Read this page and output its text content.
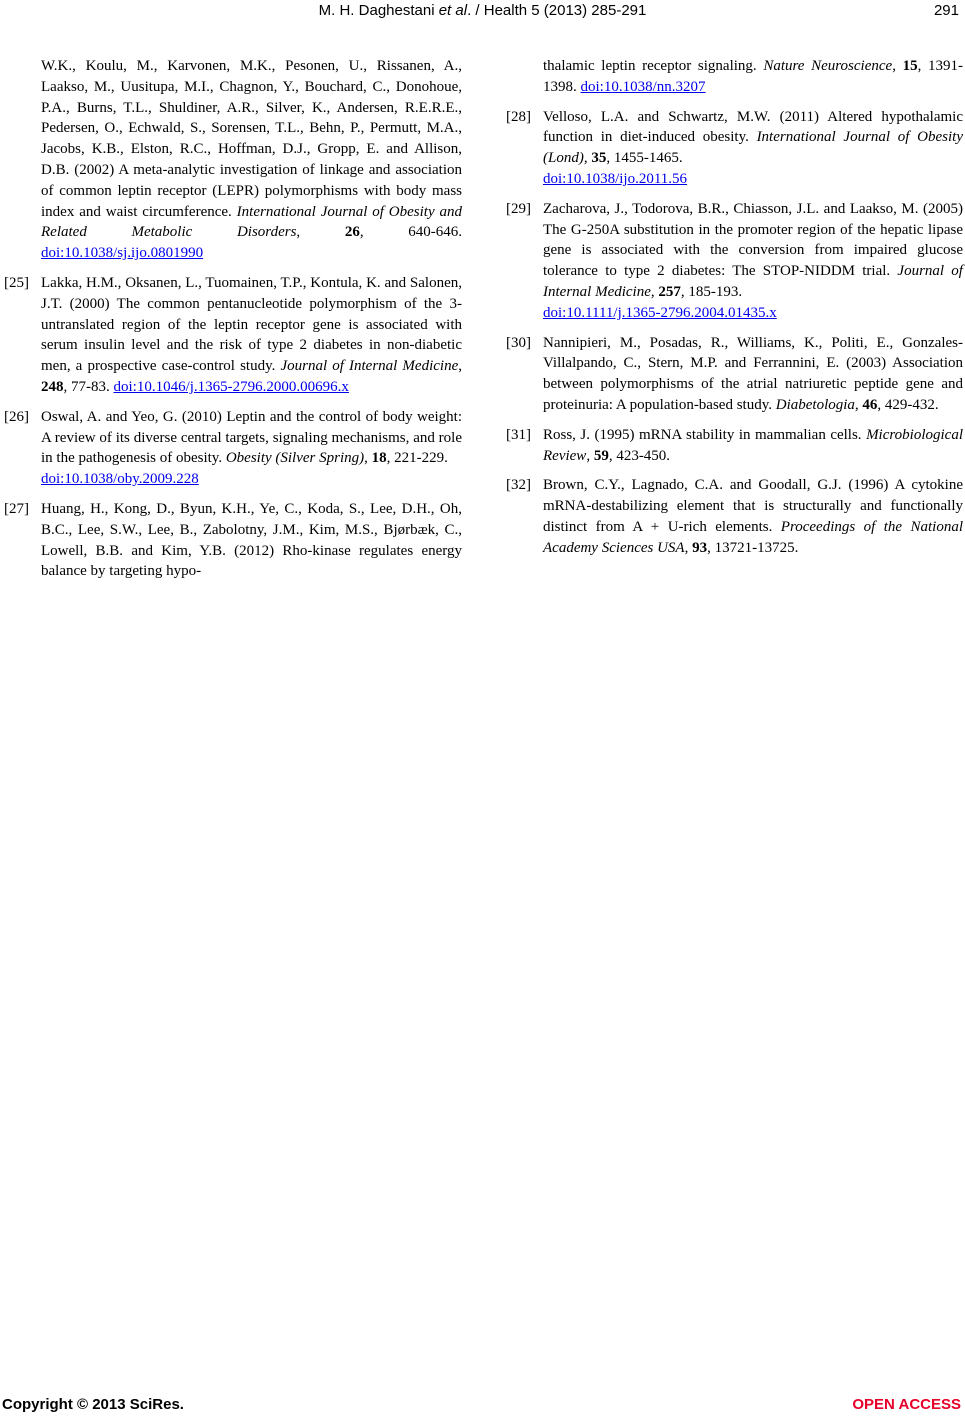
M. H. Daghestani et al. / Health 5 (2013) 285-291	291
W.K., Koulu, M., Karvonen, M.K., Pesonen, U., Rissanen, A., Laakso, M., Uusitupa, M.I., Chagnon, Y., Bouchard, C., Donohoue, P.A., Burns, T.L., Shuldiner, A.R., Silver, K., Andersen, R.E.R.E., Pedersen, O., Echwald, S., Sorensen, T.L., Behn, P., Permutt, M.A., Jacobs, K.B., Elston, R.C., Hoffman, D.J., Gropp, E. and Allison, D.B. (2002) A meta-analytic investigation of linkage and association of common leptin receptor (LEPR) polymorphisms with body mass index and waist circumference. International Journal of Obesity and Related Metabolic Disorders, 26, 640-646. doi:10.1038/sj.ijo.0801990
[25] Lakka, H.M., Oksanen, L., Tuomainen, T.P., Kontula, K. and Salonen, J.T. (2000) The common pentanucleotide polymorphism of the 3-untranslated region of the leptin receptor gene is associated with serum insulin level and the risk of type 2 diabetes in non-diabetic men, a prospective case-control study. Journal of Internal Medicine, 248, 77-83. doi:10.1046/j.1365-2796.2000.00696.x
[26] Oswal, A. and Yeo, G. (2010) Leptin and the control of body weight: A review of its diverse central targets, signaling mechanisms, and role in the pathogenesis of obesity. Obesity (Silver Spring), 18, 221-229.
doi:10.1038/oby.2009.228
[27] Huang, H., Kong, D., Byun, K.H., Ye, C., Koda, S., Lee, D.H., Oh, B.C., Lee, S.W., Lee, B., Zabolotny, J.M., Kim, M.S., Bjørbæk, C., Lowell, B.B. and Kim, Y.B. (2012) Rho-kinase regulates energy balance by targeting hypo-
thalamic leptin receptor signaling. Nature Neuroscience, 15, 1391-1398. doi:10.1038/nn.3207
[28] Velloso, L.A. and Schwartz, M.W. (2011) Altered hypothalamic function in diet-induced obesity. International Journal of Obesity (Lond), 35, 1455-1465.
doi:10.1038/ijo.2011.56
[29] Zacharova, J., Todorova, B.R., Chiasson, J.L. and Laakso, M. (2005) The G-250A substitution in the promoter region of the hepatic lipase gene is associated with the conversion from impaired glucose tolerance to type 2 diabetes: The STOP-NIDDM trial. Journal of Internal Medicine, 257, 185-193.
doi:10.1111/j.1365-2796.2004.01435.x
[30] Nannipieri, M., Posadas, R., Williams, K., Politi, E., Gonzales-Villalpando, C., Stern, M.P. and Ferrannini, E. (2003) Association between polymorphisms of the atrial natriuretic peptide gene and proteinuria: A population-based study. Diabetologia, 46, 429-432.
[31] Ross, J. (1995) mRNA stability in mammalian cells. Microbiological Review, 59, 423-450.
[32] Brown, C.Y., Lagnado, C.A. and Goodall, G.J. (1996) A cytokine mRNA-destabilizing element that is structurally and functionally distinct from A + U-rich elements. Proceedings of the National Academy Sciences USA, 93, 13721-13725.
Copyright © 2013 SciRes.	OPEN ACCESS
